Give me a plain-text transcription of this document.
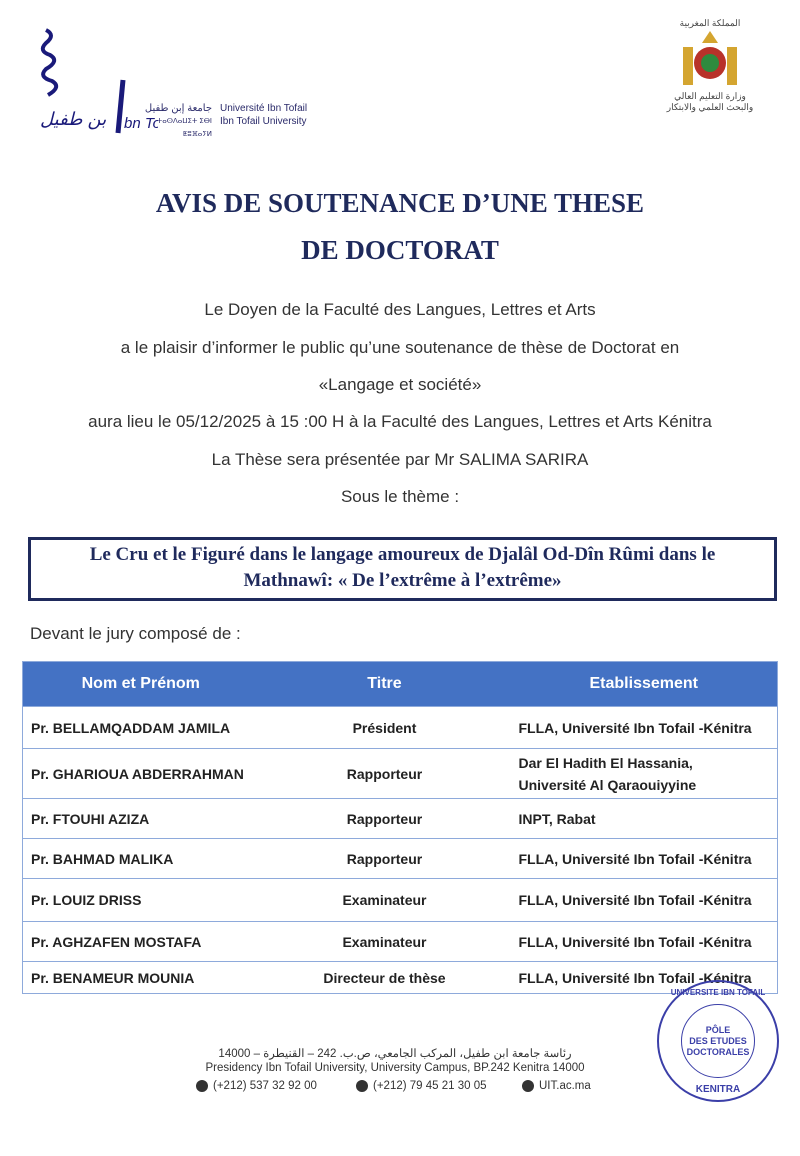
بن طفيل bn T
جامعة إبن طفيل
ⵜⴰⵙⴷⴰⵡⵉⵜ ⵉⴱⵏ ⵟⵓⴼⴰⵢⵍ
Université Ibn Tofail
Ibn Tofail University
المملكة المغربية
وزارة التعليم العالي
والبحث العلمي والابتكار
AVIS DE SOUTENANCE D’UNE THESE
DE DOCTORAT
Le Doyen de la Faculté des Langues, Lettres et Arts
a le plaisir d’informer le public qu’une soutenance de thèse de Doctorat en
«Langage et société»
aura lieu le 05/12/2025 à 15 :00 H à la Faculté des Langues, Lettres et Arts Kénitra
La Thèse sera présentée par Mr SALIMA SARIRA
Sous le thème :
Le Cru et le Figuré dans le langage amoureux de Djalâl Od-Dîn Rûmi dans le
Mathnawî: « De l’extrême à l’extrême»
Devant le jury composé de :
Nom et Prénom	Titre	Etablissement
Pr. BELLAMQADDAM JAMILA	Président	FLLA, Université Ibn Tofail -Kénitra
Pr. GHARIOUA ABDERRAHMAN	Rapporteur	Dar El Hadith El Hassania, Université Al Qaraouiyyine
Pr. FTOUHI AZIZA	Rapporteur	INPT, Rabat
Pr. BAHMAD MALIKA	Rapporteur	FLLA, Université Ibn Tofail -Kénitra
Pr. LOUIZ DRISS	Examinateur	FLLA, Université Ibn Tofail -Kénitra
Pr. AGHZAFEN MOSTAFA	Examinateur	FLLA, Université Ibn Tofail -Kénitra
Pr. BENAMEUR MOUNIA	Directeur de thèse	FLLA, Université Ibn Tofail -Kénitra
رئاسة جامعة ابن طفيل، المركب الجامعي، ص.ب. 242 – القنيطرة – 14000
Presidency Ibn Tofail University, University Campus, BP.242 Kenitra 14000
(+212) 537 32 92 00	(+212) 79 45 21 30 05	UIT.ac.ma
UNIVERSITE IBN TOFAIL
PÔLE
DES ETUDES
DOCTORALES
KENITRA
